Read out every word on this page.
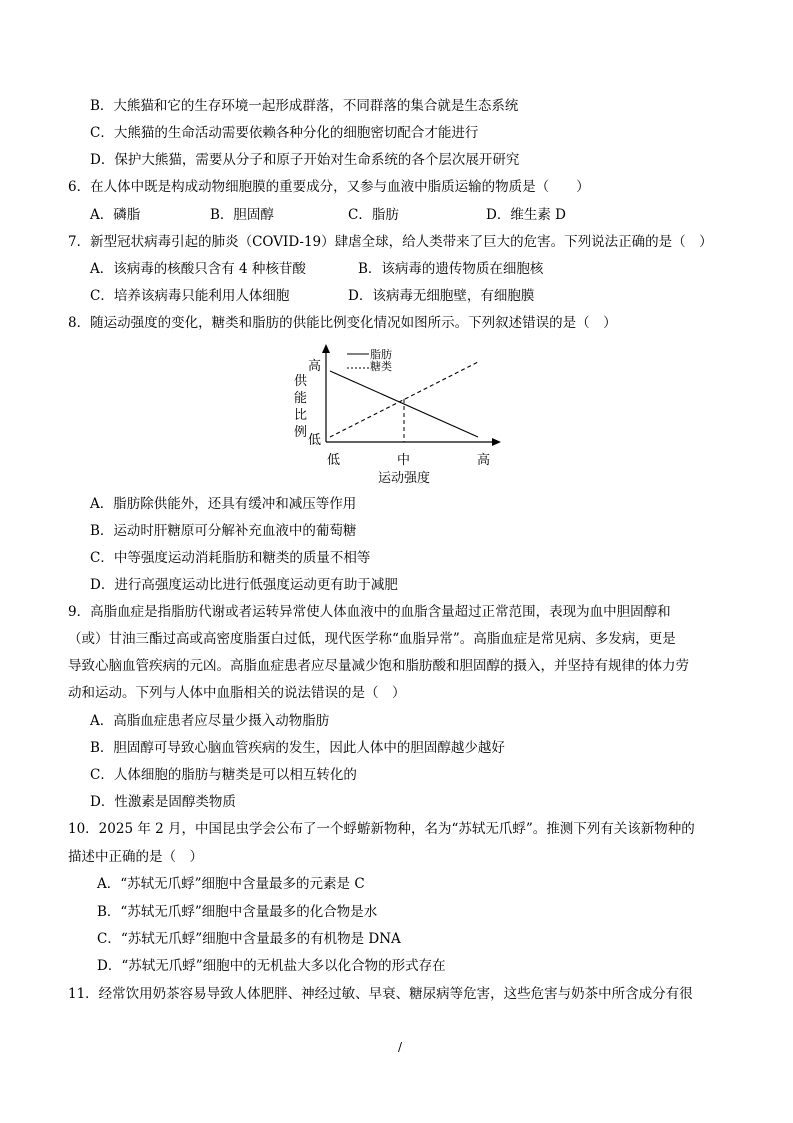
B．大熊猫和它的生存环境一起形成群落，不同群落的集合就是生态系统
C．大熊猫的生命活动需要依赖各种分化的细胞密切配合才能进行
D．保护大熊猫，需要从分子和原子开始对生命系统的各个层次展开研究
6．在人体中既是构成动物细胞膜的重要成分，又参与血液中脂质运输的物质是（　　）
A．磷脂	B．胆固醇	C．脂肪	D．维生素 D
7．新型冠状病毒引起的肺炎（COVID-19）肆虐全球，给人类带来了巨大的危害。下列说法正确的是（　）
A．该病毒的核酸只含有 4 种核苷酸	B．该病毒的遗传物质在细胞核
C．培养该病毒只能利用人体细胞	D．该病毒无细胞壁，有细胞膜
8．随运动强度的变化，糖类和脂肪的供能比例变化情况如图所示。下列叙述错误的是（　）
脂肪
糖类
高
低
供 能 比 例
低	中	高
运动强度
A．脂肪除供能外，还具有缓冲和减压等作用
B．运动时肝糖原可分解补充血液中的葡萄糖
C．中等强度运动消耗脂肪和糖类的质量不相等
D．进行高强度运动比进行低强度运动更有助于减肥
9．高脂血症是指脂肪代谢或者运转异常使人体血液中的血脂含量超过正常范围，表现为血中胆固醇和
（或）甘油三酯过高或高密度脂蛋白过低，现代医学称“血脂异常”。高脂血症是常见病、多发病，更是
导致心脑血管疾病的元凶。高脂血症患者应尽量减少饱和脂肪酸和胆固醇的摄入，并坚持有规律的体力劳
动和运动。下列与人体中血脂相关的说法错误的是（　）
A．高脂血症患者应尽量少摄入动物脂肪
B．胆固醇可导致心脑血管疾病的发生，因此人体中的胆固醇越少越好
C．人体细胞的脂肪与糖类是可以相互转化的
D．性激素是固醇类物质
10．2025 年 2 月，中国昆虫学会公布了一个蜉蝣新物种，名为“苏轼无爪蜉”。推测下列有关该新物种的
描述中正确的是（　）
A．“苏轼无爪蜉”细胞中含量最多的元素是 C
B．“苏轼无爪蜉”细胞中含量最多的化合物是水
C．“苏轼无爪蜉”细胞中含量最多的有机物是 DNA
D．“苏轼无爪蜉”细胞中的无机盐大多以化合物的形式存在
11．经常饮用奶茶容易导致人体肥胖、神经过敏、早衰、糖尿病等危害，这些危害与奶茶中所含成分有很
/
